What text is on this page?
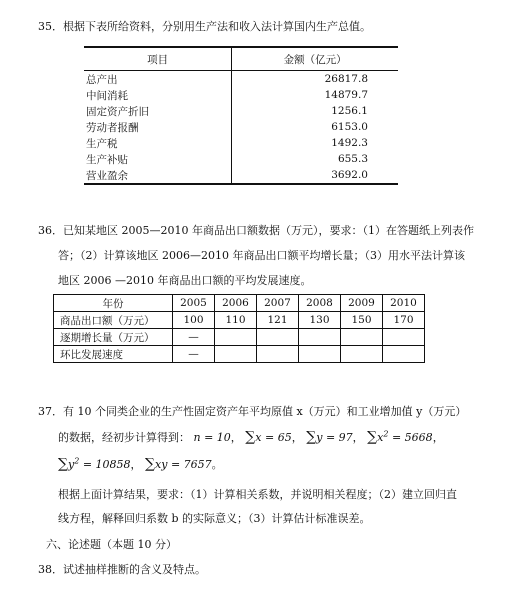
35．根据下表所给资料，分别用生产法和收入法计算国内生产总值。
项目	金额（亿元）
总产出	26817.8
中间消耗	14879.7
固定资产折旧	1256.1
劳动者报酬	6153.0
生产税	1492.3
生产补贴	655.3
营业盈余	3692.0
36．已知某地区 2005—2010 年商品出口额数据（万元），要求：（1）在答题纸上列表作
答；（2）计算该地区 2006—2010 年商品出口额平均增长量；（3）用水平法计算该
地区 2006 —2010 年商品出口额的平均发展速度。
年份	2005	2006	2007	2008	2009	2010
商品出口额（万元）	100	110	121	130	150	170
逐期增长量（万元）	—					
环比发展速度	—					
37．有 10 个同类企业的生产性固定资产年平均原值 x（万元）和工业增加值 y（万元）
的数据，经初步计算得到： n = 10， ∑x = 65， ∑y = 97， $\sum x^2 = 5668$，
$\sum y^2 = 10858$， ∑xy = 7657。
根据上面计算结果，要求：（1）计算相关系数，并说明相关程度；（2）建立回归直
线方程，解释回归系数 b 的实际意义；（3）计算估计标准误差。
六、论述题（本题 10 分）
38．试述抽样推断的含义及特点。
